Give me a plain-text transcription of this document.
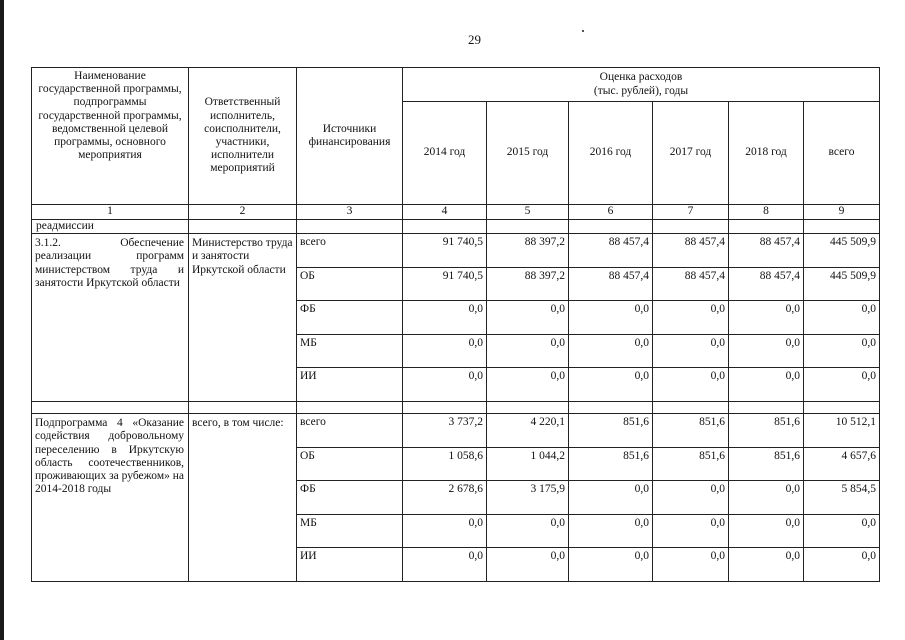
29
Наименование государственной программы, подпрограммы государственной программы, ведомственной целевой программы, основного мероприятия	Ответственный исполнитель, соисполнители, участники, исполнители мероприятий	Источники финансирования	Оценка расходов
(тыс. рублей), годы					

			2014 год	2015 год	2016 год	2017 год	2018 год	всего
1	2	3	4	5	6	7	8	9
реадмиссии								
3.1.2. Обеспечение реализации программ министерством труда и занятости Иркутской области	Министерство труда и занятости Иркутской области	всего	91 740,5	88 397,2	88 457,4	88 457,4	88 457,4	445 509,9
		ОБ	91 740,5	88 397,2	88 457,4	88 457,4	88 457,4	445 509,9
		ФБ	0,0	0,0	0,0	0,0	0,0	0,0
		МБ	0,0	0,0	0,0	0,0	0,0	0,0
		ИИ	0,0	0,0	0,0	0,0	0,0	0,0

Подпрограмма 4 «Оказание содействия добровольному переселению в Иркутскую область соотечественников, проживающих за рубежом» на 2014-2018 годы	всего, в том числе:	всего	3 737,2	4 220,1	851,6	851,6	851,6	10 512,1
		ОБ	1 058,6	1 044,2	851,6	851,6	851,6	4 657,6
		ФБ	2 678,6	3 175,9	0,0	0,0	0,0	5 854,5
		МБ	0,0	0,0	0,0	0,0	0,0	0,0
		ИИ	0,0	0,0	0,0	0,0	0,0	0,0
